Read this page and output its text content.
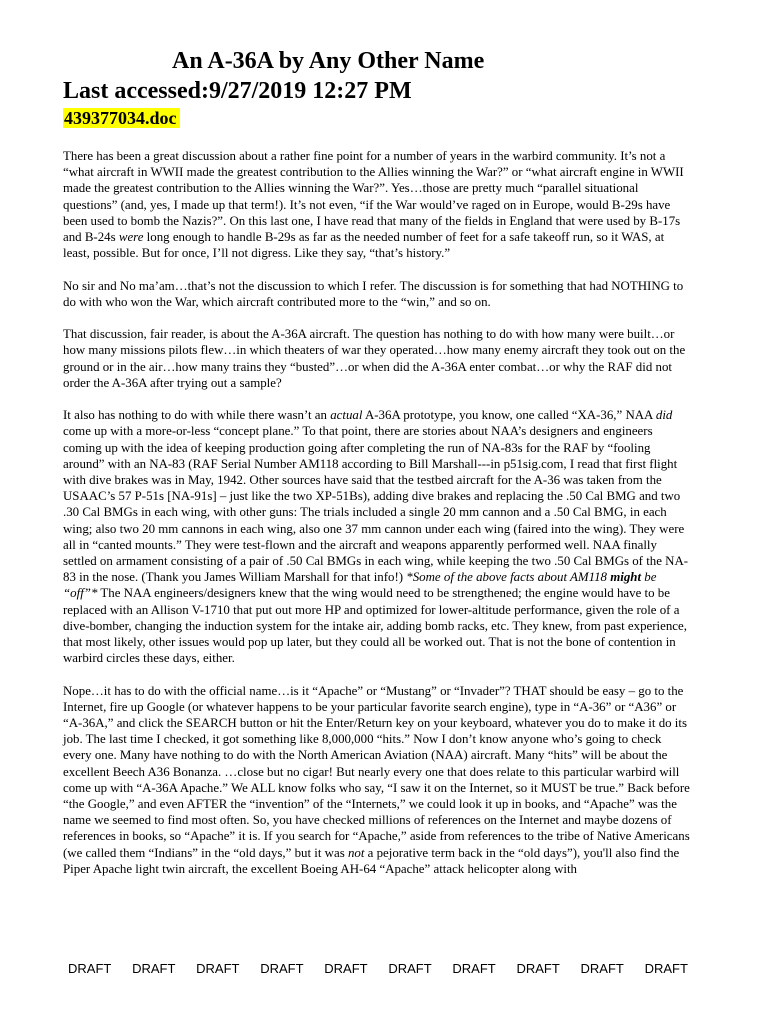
An A-36A by Any Other Name
Last accessed:9/27/2019 12:27 PM
439377034.doc

There has been a great discussion about a rather fine point for a number of years in the warbird community. It’s not a “what aircraft in WWII made the greatest contribution to the Allies winning the War?” or “what aircraft engine in WWII made the greatest contribution to the Allies winning the War?”. Yes…those are pretty much “parallel situational questions” (and, yes, I made up that term!). It’s not even, “if the War would’ve raged on in Europe, would B-29s have been used to bomb the Nazis?”. On this last one, I have read that many of the fields in England that were used by B-17s and B-24s were long enough to handle B-29s as far as the needed number of feet for a safe takeoff run, so it WAS, at least, possible. But for once, I’ll not digress. Like they say, “that’s history.”

No sir and No ma’am…that’s not the discussion to which I refer. The discussion is for something that had NOTHING to do with who won the War, which aircraft contributed more to the “win,” and so on.

That discussion, fair reader, is about the A-36A aircraft. The question has nothing to do with how many were built…or how many missions pilots flew…in which theaters of war they operated…how many enemy aircraft they took out on the ground or in the air…how many trains they “busted”…or when did the A-36A enter combat…or why the RAF did not order the A-36A after trying out a sample?

It also has nothing to do with while there wasn’t an actual A-36A prototype, you know, one called “XA-36,” NAA did come up with a more-or-less “concept plane.” To that point, there are stories about NAA’s designers and engineers coming up with the idea of keeping production going after completing the run of NA-83s for the RAF by “fooling around” with an NA-83 (RAF Serial Number AM118 according to Bill Marshall---in p51sig.com, I read that first flight with dive brakes was in May, 1942. Other sources have said that the testbed aircraft for the A-36 was taken from the USAAC’s 57 P-51s [NA-91s] – just like the two XP-51Bs), adding dive brakes and replacing the .50 Cal BMG and two .30 Cal BMGs in each wing, with other guns: The trials included a single 20 mm cannon and a .50 Cal BMG, in each wing; also two 20 mm cannons in each wing, also one 37 mm cannon under each wing (faired into the wing). They were all in “canted mounts.” They were test-flown and the aircraft and weapons apparently performed well. NAA finally settled on armament consisting of a pair of .50 Cal BMGs in each wing, while keeping the two .50 Cal BMGs of the NA-83 in the nose. (Thank you James William Marshall for that info!) *Some of the above facts about AM118 might be “off”* The NAA engineers/designers knew that the wing would need to be strengthened; the engine would have to be replaced with an Allison V-1710 that put out more HP and optimized for lower-altitude performance, given the role of a dive-bomber, changing the induction system for the intake air, adding bomb racks, etc. They knew, from past experience, that most likely, other issues would pop up later, but they could all be worked out. That is not the bone of contention in warbird circles these days, either.

Nope…it has to do with the official name…is it “Apache” or “Mustang” or “Invader”? THAT should be easy – go to the Internet, fire up Google (or whatever happens to be your particular favorite search engine), type in “A-36” or “A36” or “A-36A,” and click the SEARCH button or hit the Enter/Return key on your keyboard, whatever you do to make it do its job. The last time I checked, it got something like 8,000,000 “hits.” Now I don’t know anyone who’s going to check every one. Many have nothing to do with the North American Aviation (NAA) aircraft. Many “hits” will be about the excellent Beech A36 Bonanza. …close but no cigar! But nearly every one that does relate to this particular warbird will come up with “A-36A Apache.” We ALL know folks who say, “I saw it on the Internet, so it MUST be true.” Back before “the Google,” and even AFTER the “invention” of the “Internets,” we could look it up in books, and “Apache” was the name we seemed to find most often. So, you have checked millions of references on the Internet and maybe dozens of references in books, so “Apache” it is. If you search for “Apache,” aside from references to the tribe of Native Americans (we called them “Indians” in the “old days,” but it was not a pejorative term back in the “old days”), you'll also find the Piper Apache light twin aircraft, the excellent Boeing AH-64 “Apache” attack helicopter along with

DRAFT DRAFT DRAFT DRAFT DRAFT DRAFT DRAFT DRAFT DRAFT DRAFT
